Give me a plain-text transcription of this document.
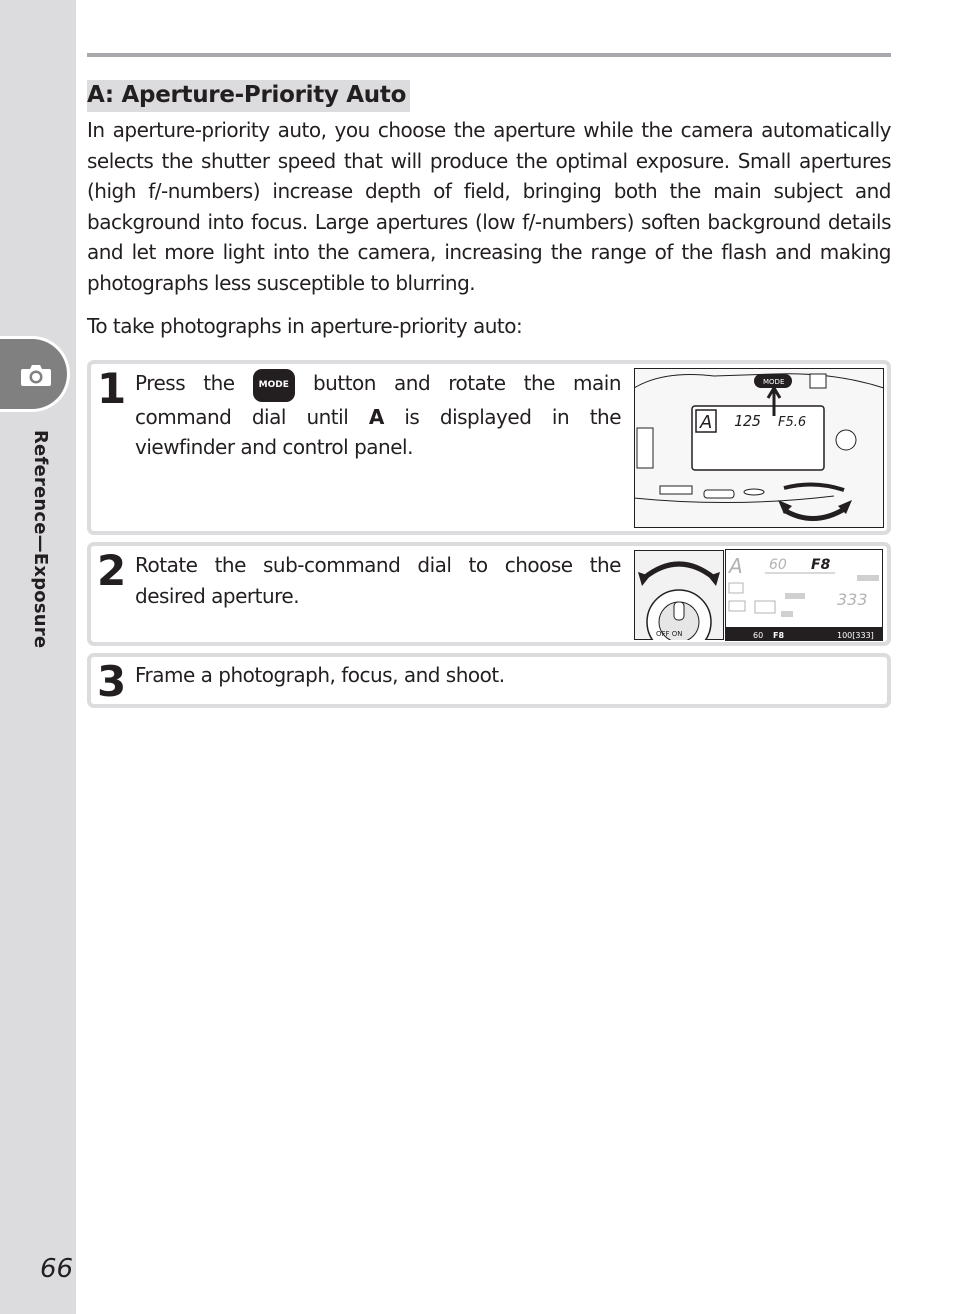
Reference—Exposure
66
A: Aperture-Priority Auto

In aperture-priority auto, you choose the aperture while the camera automatically selects the shutter speed that will produce the optimal exposure. Small apertures (high f/-numbers) increase depth of field, bringing both the main subject and background into focus. Large apertures (low f/-numbers) soften background details and let more light into the camera, increasing the range of the flash and making photographs less susceptible to blurring.

To take photographs in aperture-priority auto:

1 Press the	MODE button and rotate the main command dial until A is displayed in the viewfinder and control panel.
A 125 F5.6
MODE
2 Rotate the sub-command dial to choose the desired aperture.
OFF ON
A 60 F8
333
60 F8	100[333]
3 Frame a photograph, focus, and shoot.
